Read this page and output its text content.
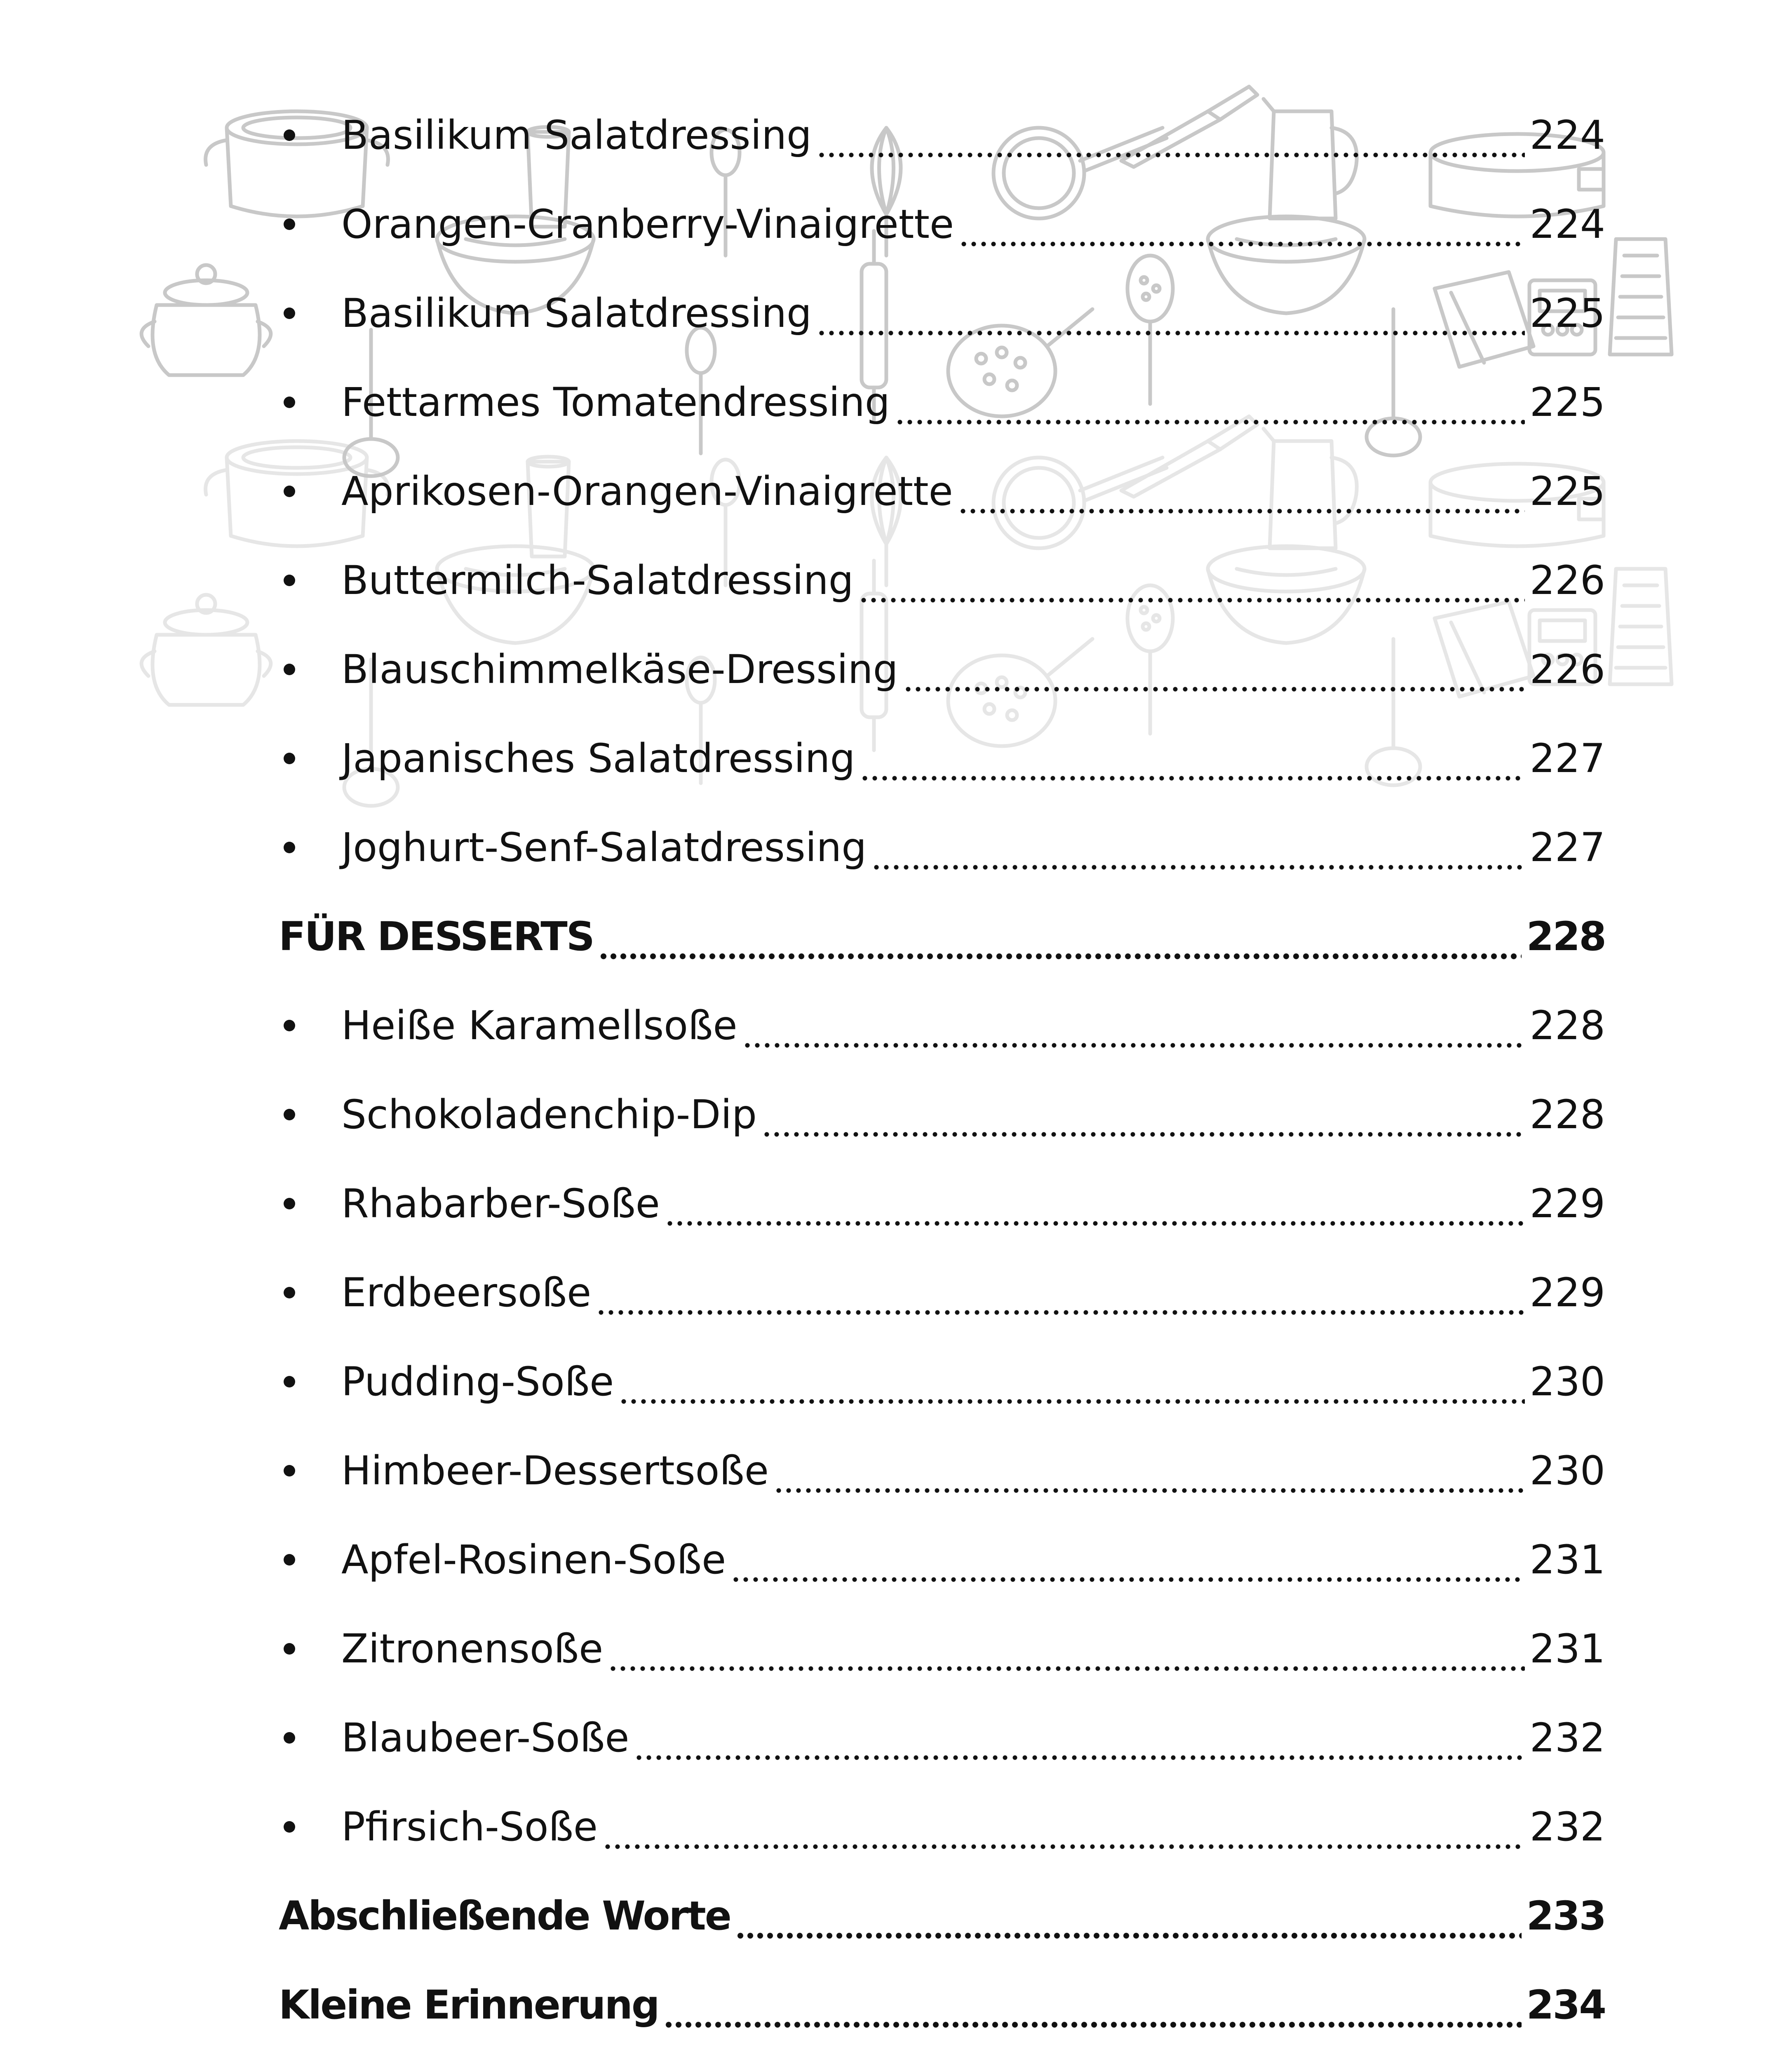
Basilikum Salatdressing	224
Orangen-Cranberry-Vinaigrette	224
Basilikum Salatdressing	225
Fettarmes Tomatendressing	225
Aprikosen-Orangen-Vinaigrette	225
Buttermilch-Salatdressing	226
Blauschimmelkäse-Dressing	226
Japanisches Salatdressing	227
Joghurt-Senf-Salatdressing	227
FÜR DESSERTS	228
Heiße Karamellsoße	228
Schokoladenchip-Dip	228
Rhabarber-Soße	229
Erdbeersoße	229
Pudding-Soße	230
Himbeer-Dessertsoße	230
Apfel-Rosinen-Soße	231
Zitronensoße	231
Blaubeer-Soße	232
Pfirsich-Soße	232
Abschließende Worte	233
Kleine Erinnerung	234
